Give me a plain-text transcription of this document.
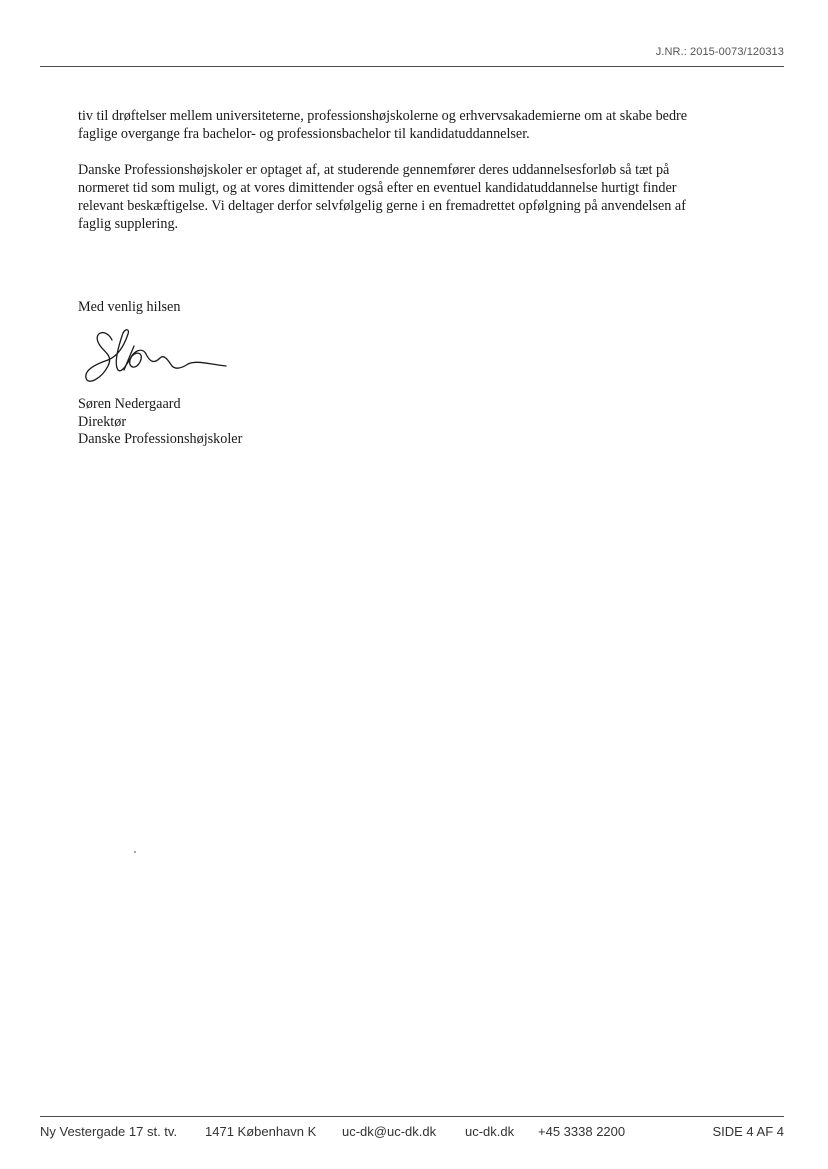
J.NR.: 2015-0073/120313

tiv til drøftelser mellem universiteterne, professionshøjskolerne og erhvervsakademierne om at skabe bedre

faglige overgange fra bachelor- og professionsbachelor til kandidatuddannelser.

Danske Professionshøjskoler er optaget af, at studerende gennemfører deres uddannelsesforløb så tæt på

normeret tid som muligt, og at vores dimittender også efter en eventuel kandidatuddannelse hurtigt finder

relevant beskæftigelse. Vi deltager derfor selvfølgelig gerne i en fremadrettet opfølgning på anvendelsen af

faglig supplering.

Med venlig hilsen
Søren Nedergaard
Direktør
Danske Professionshøjskoler
Ny Vestergade 17 st. tv. 1471 København K uc-dk@uc-dk.dk uc-dk.dk +45 3338 2200	SIDE 4 AF 4
